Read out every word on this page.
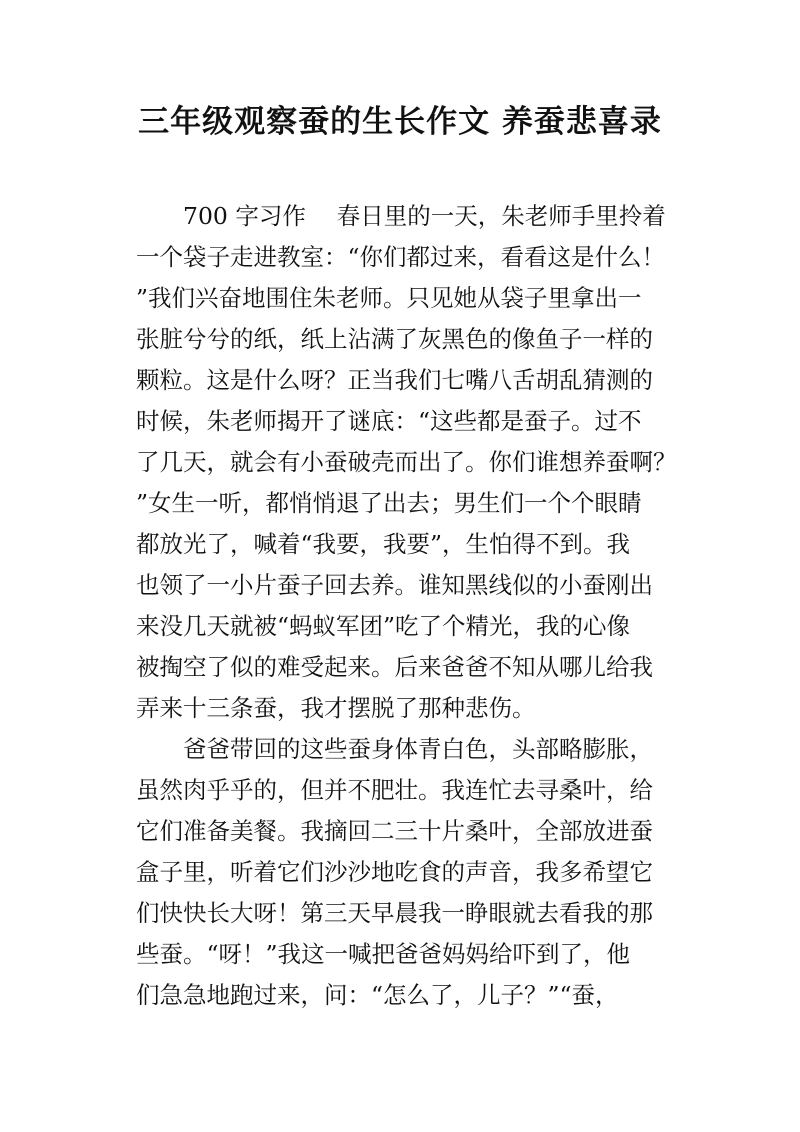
三年级观察蚕的生长作文 养蚕悲喜录

700 字习作　 春日里的一天，朱老师手里拎着

一个袋子走进教室：“你们都过来，看看这是什么！

”我们兴奋地围住朱老师。只见她从袋子里拿出一

张脏兮兮的纸，纸上沾满了灰黑色的像鱼子一样的

颗粒。这是什么呀？正当我们七嘴八舌胡乱猜测的

时候，朱老师揭开了谜底：“这些都是蚕子。过不

了几天，就会有小蚕破壳而出了。你们谁想养蚕啊？

”女生一听，都悄悄退了出去；男生们一个个眼睛

都放光了，喊着“我要，我要”，生怕得不到。我

也领了一小片蚕子回去养。谁知黑线似的小蚕刚出

来没几天就被“蚂蚁军团”吃了个精光，我的心像

被掏空了似的难受起来。后来爸爸不知从哪儿给我

弄来十三条蚕，我才摆脱了那种悲伤。

爸爸带回的这些蚕身体青白色，头部略膨胀，

虽然肉乎乎的，但并不肥壮。我连忙去寻桑叶，给

它们准备美餐。我摘回二三十片桑叶，全部放进蚕

盒子里，听着它们沙沙地吃食的声音，我多希望它

们快快长大呀！第三天早晨我一睁眼就去看我的那

些蚕。“呀！”我这一喊把爸爸妈妈给吓到了，他

们急急地跑过来，问：“怎么了，儿子？”“蚕，
